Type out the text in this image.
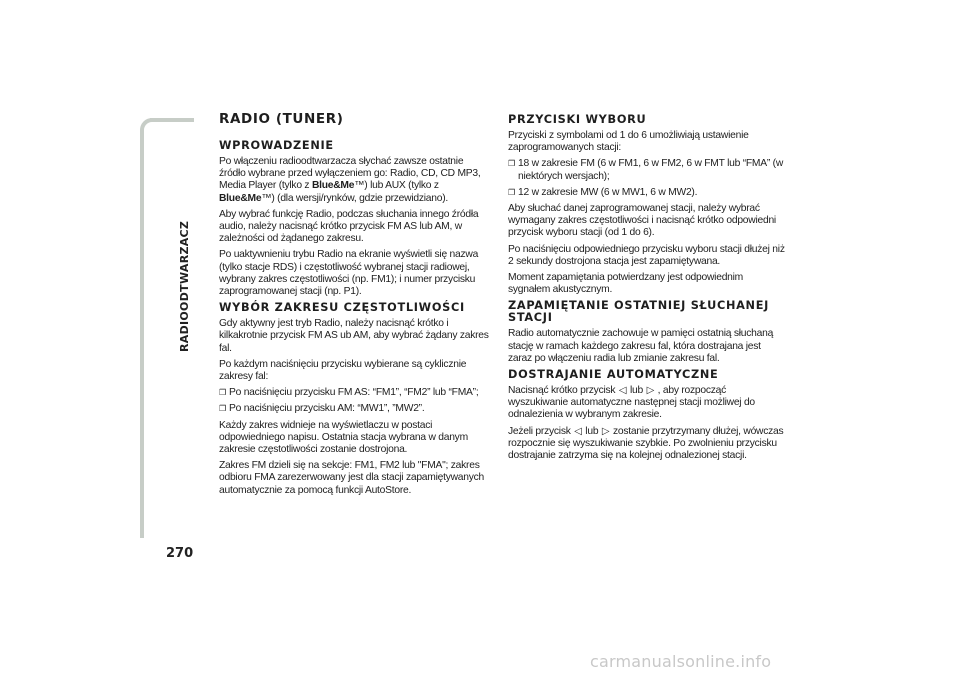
RADIOODTWARZACZ
270
RADIO (TUNER)
WPROWADZENIE

Po włączeniu radioodtwarzacza słychać zawsze ostatnie źródło wybrane przed wyłączeniem go: Radio, CD, CD MP3, Media Player (tylko z Blue&Me™) lub AUX (tylko z Blue&Me™) (dla wersji/rynków, gdzie przewidziano).

Aby wybrać funkcję Radio, podczas słuchania innego źródła audio, należy nacisnąć krótko przycisk FM AS lub AM, w zależności od żądanego zakresu.

Po uaktywnieniu trybu Radio na ekranie wyświetli się nazwa (tylko stacje RDS) i częstotliwość wybranej stacji radiowej, wybrany zakres częstotliwości (np. FM1); i numer przycisku zaprogramowanej stacji (np. P1).

WYBÓR ZAKRESU CZĘSTOTLIWOŚCI

Gdy aktywny jest tryb Radio, należy nacisnąć krótko i kilkakrotnie przycisk FM AS ub AM, aby wybrać żądany zakres fal.

Po każdym naciśnięciu przycisku wybierane są cyklicznie zakresy fal:

❒ Po naciśnięciu przycisku FM AS: “FM1”, “FM2” lub “FMA”;
❒ Po naciśnięciu przycisku AM: “MW1”, ”MW2”.

Każdy zakres widnieje na wyświetlaczu w postaci odpowiedniego napisu. Ostatnia stacja wybrana w danym zakresie częstotliwości zostanie dostrojona.

Zakres FM dzieli się na sekcje: FM1, FM2 lub "FMA"; zakres odbioru FMA zarezerwowany jest dla stacji zapamiętywanych automatycznie za pomocą funkcji AutoStore.

PRZYCISKI WYBORU

Przyciski z symbolami od 1 do 6 umożliwiają ustawienie zaprogramowanych stacji:

❒ 18 w zakresie FM (6 w FM1, 6 w FM2, 6 w FMT lub “FMA” (w niektórych wersjach);
❒ 12 w zakresie MW (6 w MW1, 6 w MW2).

Aby słuchać danej zaprogramowanej stacji, należy wybrać wymagany zakres częstotliwości i nacisnąć krótko odpowiedni przycisk wyboru stacji (od 1 do 6).

Po naciśnięciu odpowiedniego przycisku wyboru stacji dłużej niż 2 sekundy dostrojona stacja jest zapamiętywana.

Moment zapamiętania potwierdzany jest odpowiednim sygnałem akustycznym.

ZAPAMIĘTANIE OSTATNIEJ SŁUCHANEJ STACJI

Radio automatycznie zachowuje w pamięci ostatnią słuchaną stację w ramach każdego zakresu fal, która dostrajana jest zaraz po włączeniu radia lub zmianie zakresu fal.

DOSTRAJANIE AUTOMATYCZNE

Nacisnąć krótko przycisk ◁ lub ▷ , aby rozpocząć wyszukiwanie automatyczne następnej stacji możliwej do odnalezienia w wybranym zakresie.

Jeżeli przycisk ◁ lub ▷ zostanie przytrzymany dłużej, wówczas rozpocznie się wyszukiwanie szybkie. Po zwolnieniu przycisku dostrajanie zatrzyma się na kolejnej odnalezionej stacji.

carmanualsonline.info
